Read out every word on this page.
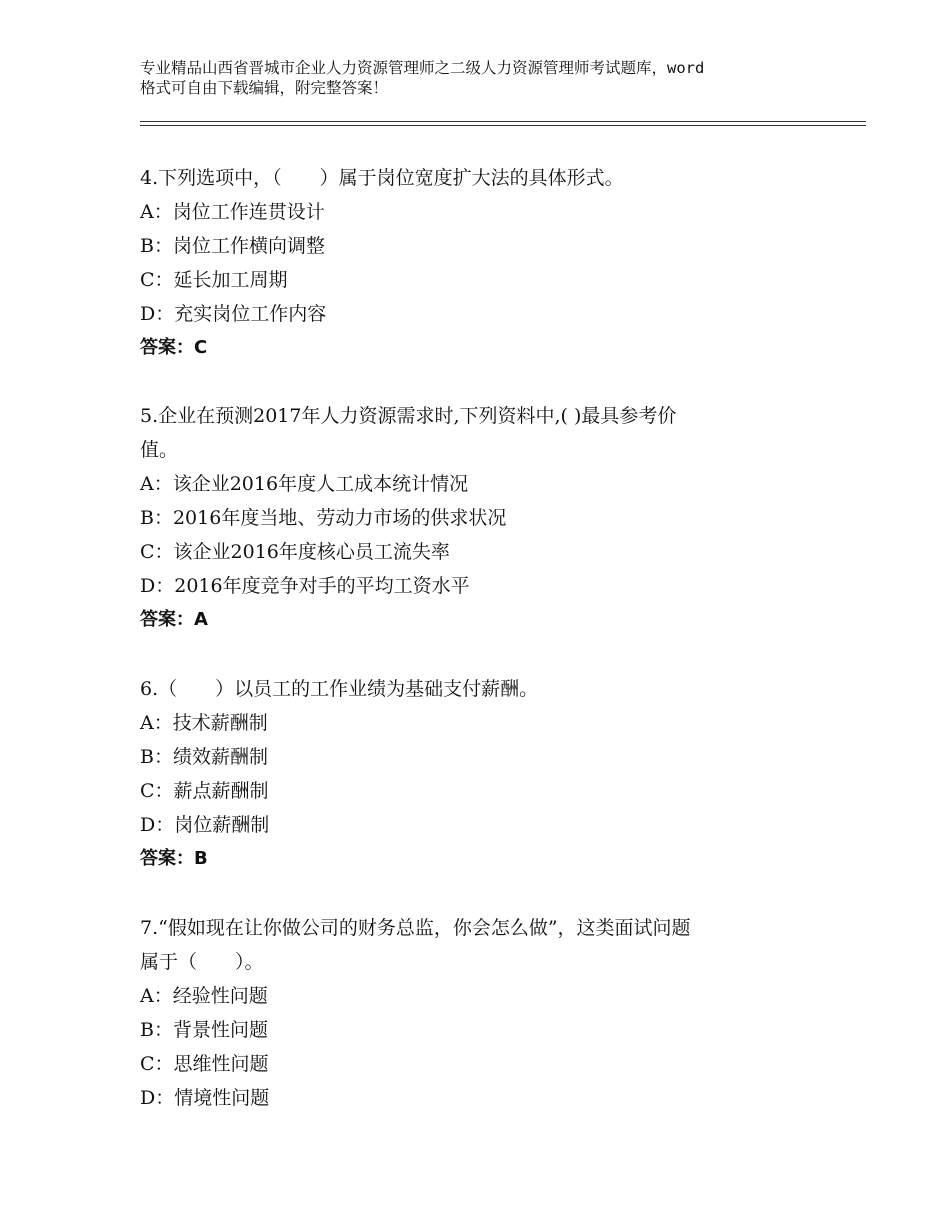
专业精品山西省晋城市企业人力资源管理师之二级人力资源管理师考试题库，word
格式可自由下载编辑，附完整答案！
4.下列选项中，（　　）属于岗位宽度扩大法的具体形式。
A：岗位工作连贯设计
B：岗位工作横向调整
C：延长加工周期
D：充实岗位工作内容
答案：C
5.企业在预测2017年人力资源需求时,下列资料中,( )最具参考价
值。
A：该企业2016年度人工成本统计情况
B：2016年度当地、劳动力市场的供求状况
C：该企业2016年度核心员工流失率
D：2016年度竞争对手的平均工资水平
答案：A
6.（　　）以员工的工作业绩为基础支付薪酬。
A：技术薪酬制
B：绩效薪酬制
C：薪点薪酬制
D：岗位薪酬制
答案：B
7.“假如现在让你做公司的财务总监，你会怎么做”，这类面试问题
属于（　　）。
A：经验性问题
B：背景性问题
C：思维性问题
D：情境性问题
